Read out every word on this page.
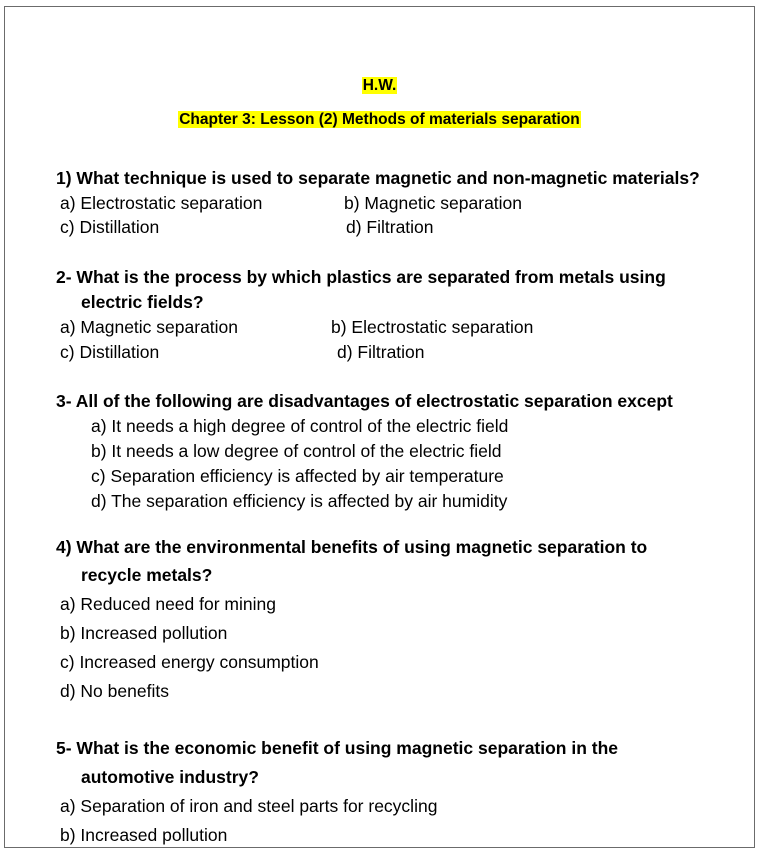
H.W.
Chapter 3: Lesson (2) Methods of materials separation
1) What technique is used to separate magnetic and non-magnetic materials?
a) Electrostatic separation	b) Magnetic separation
c) Distillation	d) Filtration
2- What is the process by which plastics are separated from metals using
electric fields?
a) Magnetic separation	b) Electrostatic separation
c) Distillation	d) Filtration
3- All of the following are disadvantages of electrostatic separation except
a) It needs a high degree of control of the electric field
b) It needs a low degree of control of the electric field
c) Separation efficiency is affected by air temperature
d) The separation efficiency is affected by air humidity
4) What are the environmental benefits of using magnetic separation to
recycle metals?
a) Reduced need for mining
b) Increased pollution
c) Increased energy consumption
d) No benefits
5- What is the economic benefit of using magnetic separation in the
automotive industry?
a) Separation of iron and steel parts for recycling
b) Increased pollution
